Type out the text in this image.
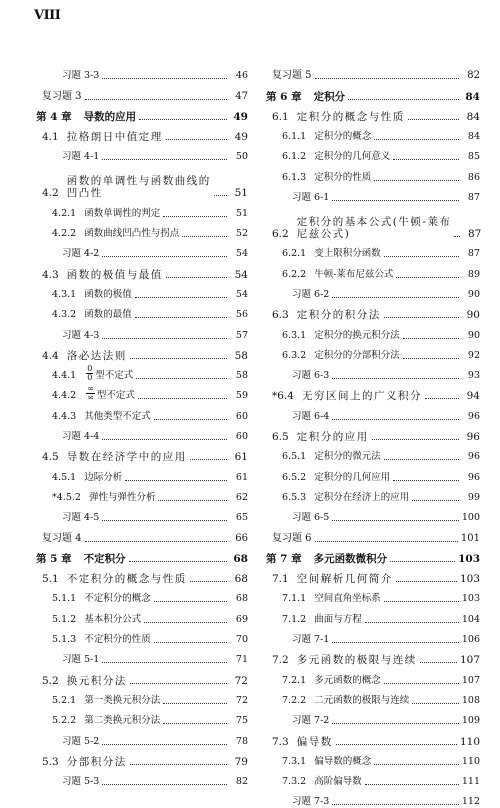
VIII
习题 3-3	46
复习题 3	47
第 4 章 导数的应用	49
4.1 拉格朗日中值定理	49
习题 4-1	50
4.2
函数的单调性与函数曲线的
凹凸性	51
4.2.1 函数单调性的判定	51
4.2.2 函数曲线凹凸性与拐点	52
习题 4-2	54
4.3 函数的极值与最值	54
4.3.1 函数的极值	54
4.3.2 函数的最值	56
习题 4-3	57
4.4 洛必达法则	58
$4.4.1 \frac{0}{0}$ 型不定式	58
$4.4.2 \frac{\infty}{\infty}$ 型不定式	59
4.4.3 其他类型不定式	60
习题 4-4	60
4.5 导数在经济学中的应用	61
4.5.1 边际分析	61
*4.5.2 弹性与弹性分析	62
习题 4-5	65
复习题 4	66
第 5 章 不定积分	68
5.1 不定积分的概念与性质	68
5.1.1 不定积分的概念	68
5.1.2 基本积分公式	69
5.1.3 不定积分的性质	70
习题 5-1	71
5.2 换元积分法	72
5.2.1 第一类换元积分法	72
5.2.2 第二类换元积分法	75
习题 5-2	78
5.3 分部积分法	79
习题 5-3	82
复习题 5	82
第 6 章 定积分	84
6.1 定积分的概念与性质	84
6.1.1 定积分的概念	84
6.1.2 定积分的几何意义	85
6.1.3 定积分的性质	86
习题 6-1	87
6.2
定积分的基本公式(牛顿-莱布
尼兹公式)	87
6.2.1 变上限积分函数	87
6.2.2 牛顿-莱布尼兹公式	89
习题 6-2	90
6.3 定积分的积分法	90
6.3.1 定积分的换元积分法	90
6.3.2 定积分的分部积分法	92
习题 6-3	93
*6.4 无穷区间上的广义积分	94
习题 6-4	96
6.5 定积分的应用	96
6.5.1 定积分的微元法	96
6.5.2 定积分的几何应用	96
6.5.3 定积分在经济上的应用	99
习题 6-5	100
复习题 6	101
第 7 章 多元函数微积分	103
7.1 空间解析几何简介	103
7.1.1 空间直角坐标系	103
7.1.2 曲面与方程	104
习题 7-1	106
7.2 多元函数的极限与连续	107
7.2.1 多元函数的概念	107
7.2.2 二元函数的极限与连续	108
习题 7-2	109
7.3 偏导数	110
7.3.1 偏导数的概念	110
7.3.2 高阶偏导数	111
习题 7-3	112
